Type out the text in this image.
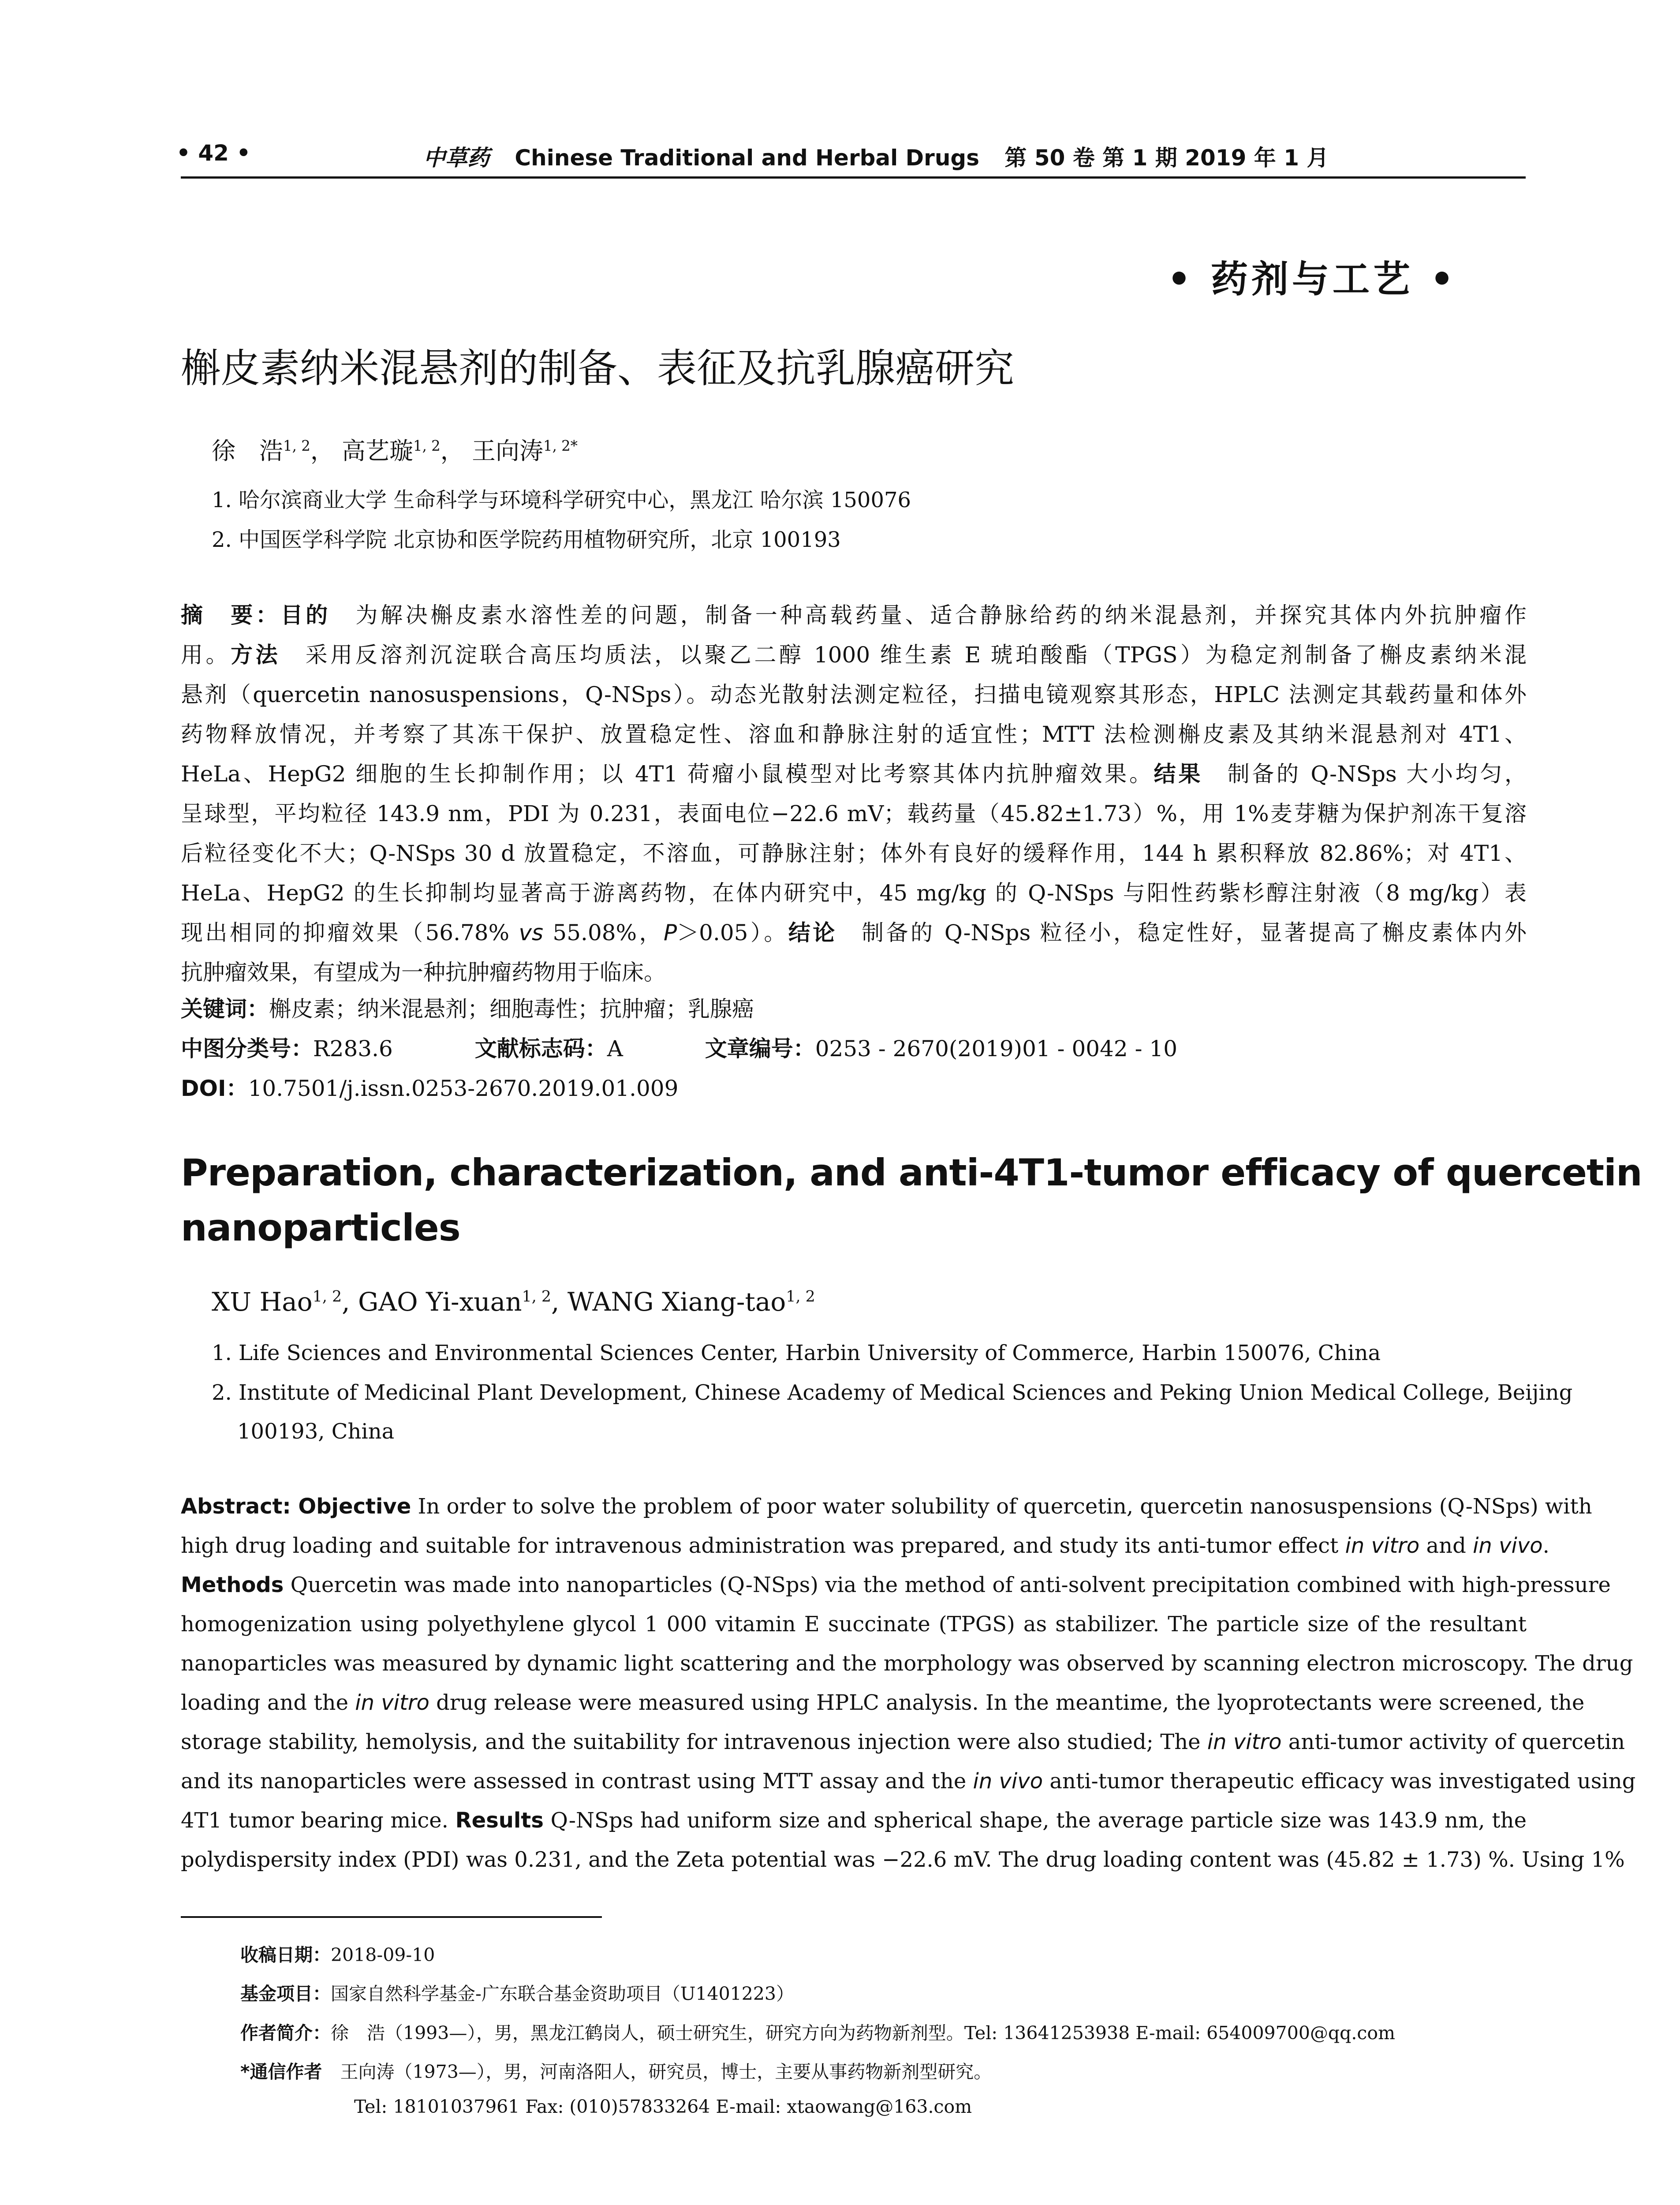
• 42 •	中草药 Chinese Traditional and Herbal Drugs 第 50 卷 第 1 期 2019 年 1 月
• 药剂与工艺 •
槲皮素纳米混悬剂的制备、表征及抗乳腺癌研究
徐　浩$^{1, 2}$， 高艺璇$^{1, 2}$， 王向涛$^{1, 2*}$
1. 哈尔滨商业大学 生命科学与环境科学研究中心，黑龙江 哈尔滨 150076
2. 中国医学科学院 北京协和医学院药用植物研究所，北京 100193
摘　要：目的　为解决槲皮素水溶性差的问题，制备一种高载药量、适合静脉给药的纳米混悬剂，并探究其体内外抗肿瘤作
用。方法　采用反溶剂沉淀联合高压均质法，以聚乙二醇 1000 维生素 E 琥珀酸酯（TPGS）为稳定剂制备了槲皮素纳米混
悬剂（quercetin nanosuspensions，Q-NSps）。动态光散射法测定粒径，扫描电镜观察其形态，HPLC 法测定其载药量和体外
药物释放情况，并考察了其冻干保护、放置稳定性、溶血和静脉注射的适宜性；MTT 法检测槲皮素及其纳米混悬剂对 4T1、
HeLa、HepG2 细胞的生长抑制作用；以 4T1 荷瘤小鼠模型对比考察其体内抗肿瘤效果。结果　制备的 Q-NSps 大小均匀，
呈球型，平均粒径 143.9 nm，PDI 为 0.231，表面电位−22.6 mV；载药量（45.82±1.73）%，用 1%麦芽糖为保护剂冻干复溶
后粒径变化不大；Q-NSps 30 d 放置稳定，不溶血，可静脉注射；体外有良好的缓释作用，144 h 累积释放 82.86%；对 4T1、
HeLa、HepG2 的生长抑制均显著高于游离药物，在体内研究中，45 mg/kg 的 Q-NSps 与阳性药紫杉醇注射液（8 mg/kg）表
现出相同的抑瘤效果（56.78% vs 55.08%，P＞0.05）。结论　制备的 Q-NSps 粒径小，稳定性好，显著提高了槲皮素体内外
抗肿瘤效果，有望成为一种抗肿瘤药物用于临床。
关键词：槲皮素；纳米混悬剂；细胞毒性；抗肿瘤；乳腺癌
中图分类号：R283.6	文献标志码：A	文章编号：0253 - 2670(2019)01 - 0042 - 10
DOI：10.7501/j.issn.0253-2670.2019.01.009
Preparation, characterization, and anti-4T1-tumor efficacy of quercetin
nanoparticles
XU Hao$^{1, 2}$, GAO Yi-xuan$^{1, 2}$, WANG Xiang-tao$^{1, 2}$
1. Life Sciences and Environmental Sciences Center, Harbin University of Commerce, Harbin 150076, China
2. Institute of Medicinal Plant Development, Chinese Academy of Medical Sciences and Peking Union Medical College, Beijing
100193, China
Abstract: Objective In order to solve the problem of poor water solubility of quercetin, quercetin nanosuspensions (Q-NSps) with
high drug loading and suitable for intravenous administration was prepared, and study its anti-tumor effect in vitro and in vivo.
Methods Quercetin was made into nanoparticles (Q-NSps) via the method of anti-solvent precipitation combined with high-pressure
homogenization using polyethylene glycol 1 000 vitamin E succinate (TPGS) as stabilizer. The particle size of the resultant
nanoparticles was measured by dynamic light scattering and the morphology was observed by scanning electron microscopy. The drug
loading and the in vitro drug release were measured using HPLC analysis. In the meantime, the lyoprotectants were screened, the
storage stability, hemolysis, and the suitability for intravenous injection were also studied; The in vitro anti-tumor activity of quercetin
and its nanoparticles were assessed in contrast using MTT assay and the in vivo anti-tumor therapeutic efficacy was investigated using
4T1 tumor bearing mice. Results Q-NSps had uniform size and spherical shape, the average particle size was 143.9 nm, the
polydispersity index (PDI) was 0.231, and the Zeta potential was −22.6 mV. The drug loading content was (45.82 ± 1.73) %. Using 1%
收稿日期：2018-09-10
基金项目：国家自然科学基金-广东联合基金资助项目（U1401223）
作者简介：徐　浩（1993—），男，黑龙江鹤岗人，硕士研究生，研究方向为药物新剂型。Tel: 13641253938 E-mail: 654009700@qq.com
*通信作者　王向涛（1973—），男，河南洛阳人，研究员，博士，主要从事药物新剂型研究。
Tel: 18101037961 Fax: (010)57833264 E-mail: xtaowang@163.com
